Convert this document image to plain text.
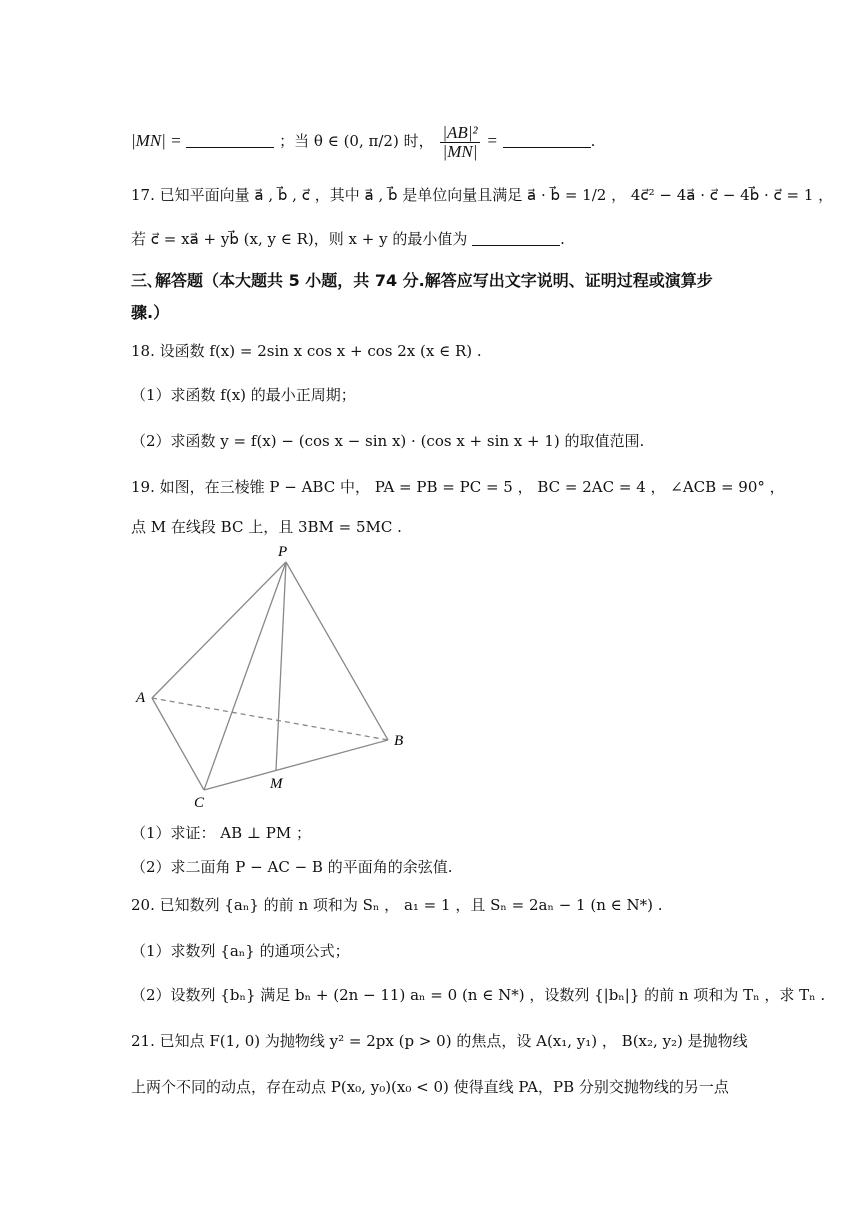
|MN| =	；当 θ ∈ (0, π/2) 时， $\frac{\text{|AB|²}}{|MN|}$ =	.
17. 已知平面向量 a⃗ , b⃗ , c⃗ ，其中 a⃗ , b⃗ 是单位向量且满足 a⃗ · b⃗ = 1/2 ， 4c⃗² − 4a⃗ · c⃗ − 4b⃗ · c⃗ = 1 ，
若 c⃗ = xa⃗ + yb⃗ (x, y ∈ R)，则 x + y 的最小值为	.
三､解答题（本大题共 5 小题，共 74 分.解答应写出文字说明、证明过程或演算步
骤.）
18. 设函数 f(x) = 2sin x cos x + cos 2x (x ∈ R) .
（1）求函数 f(x) 的最小正周期；
（2）求函数 y = f(x) − (cos x − sin x) · (cos x + sin x + 1) 的取值范围.
19. 如图，在三棱锥 P − ABC 中， PA = PB = PC = 5 ， BC = 2AC = 4 ， ∠ACB = 90° ，
点 M 在线段 BC 上，且 3BM = 5MC .
P
A
B
C
M
（1）求证： AB ⊥ PM ；
（2）求二面角 P − AC − B 的平面角的余弦值.
20. 已知数列 {aₙ} 的前 n 项和为 Sₙ ， a₁ = 1 ，且 Sₙ = 2aₙ − 1 (n ∈ N*) .
（1）求数列 {aₙ} 的通项公式；
（2）设数列 {bₙ} 满足 bₙ + (2n − 11) aₙ = 0 (n ∈ N*) ，设数列 {|bₙ|} 的前 n 项和为 Tₙ ，求 Tₙ .
21. 已知点 F(1, 0) 为抛物线 y² = 2px (p > 0) 的焦点，设 A(x₁, y₁) ， B(x₂, y₂) 是抛物线
上两个不同的动点，存在动点 P(x₀, y₀)(x₀ < 0) 使得直线 PA，PB 分别交抛物线的另一点
